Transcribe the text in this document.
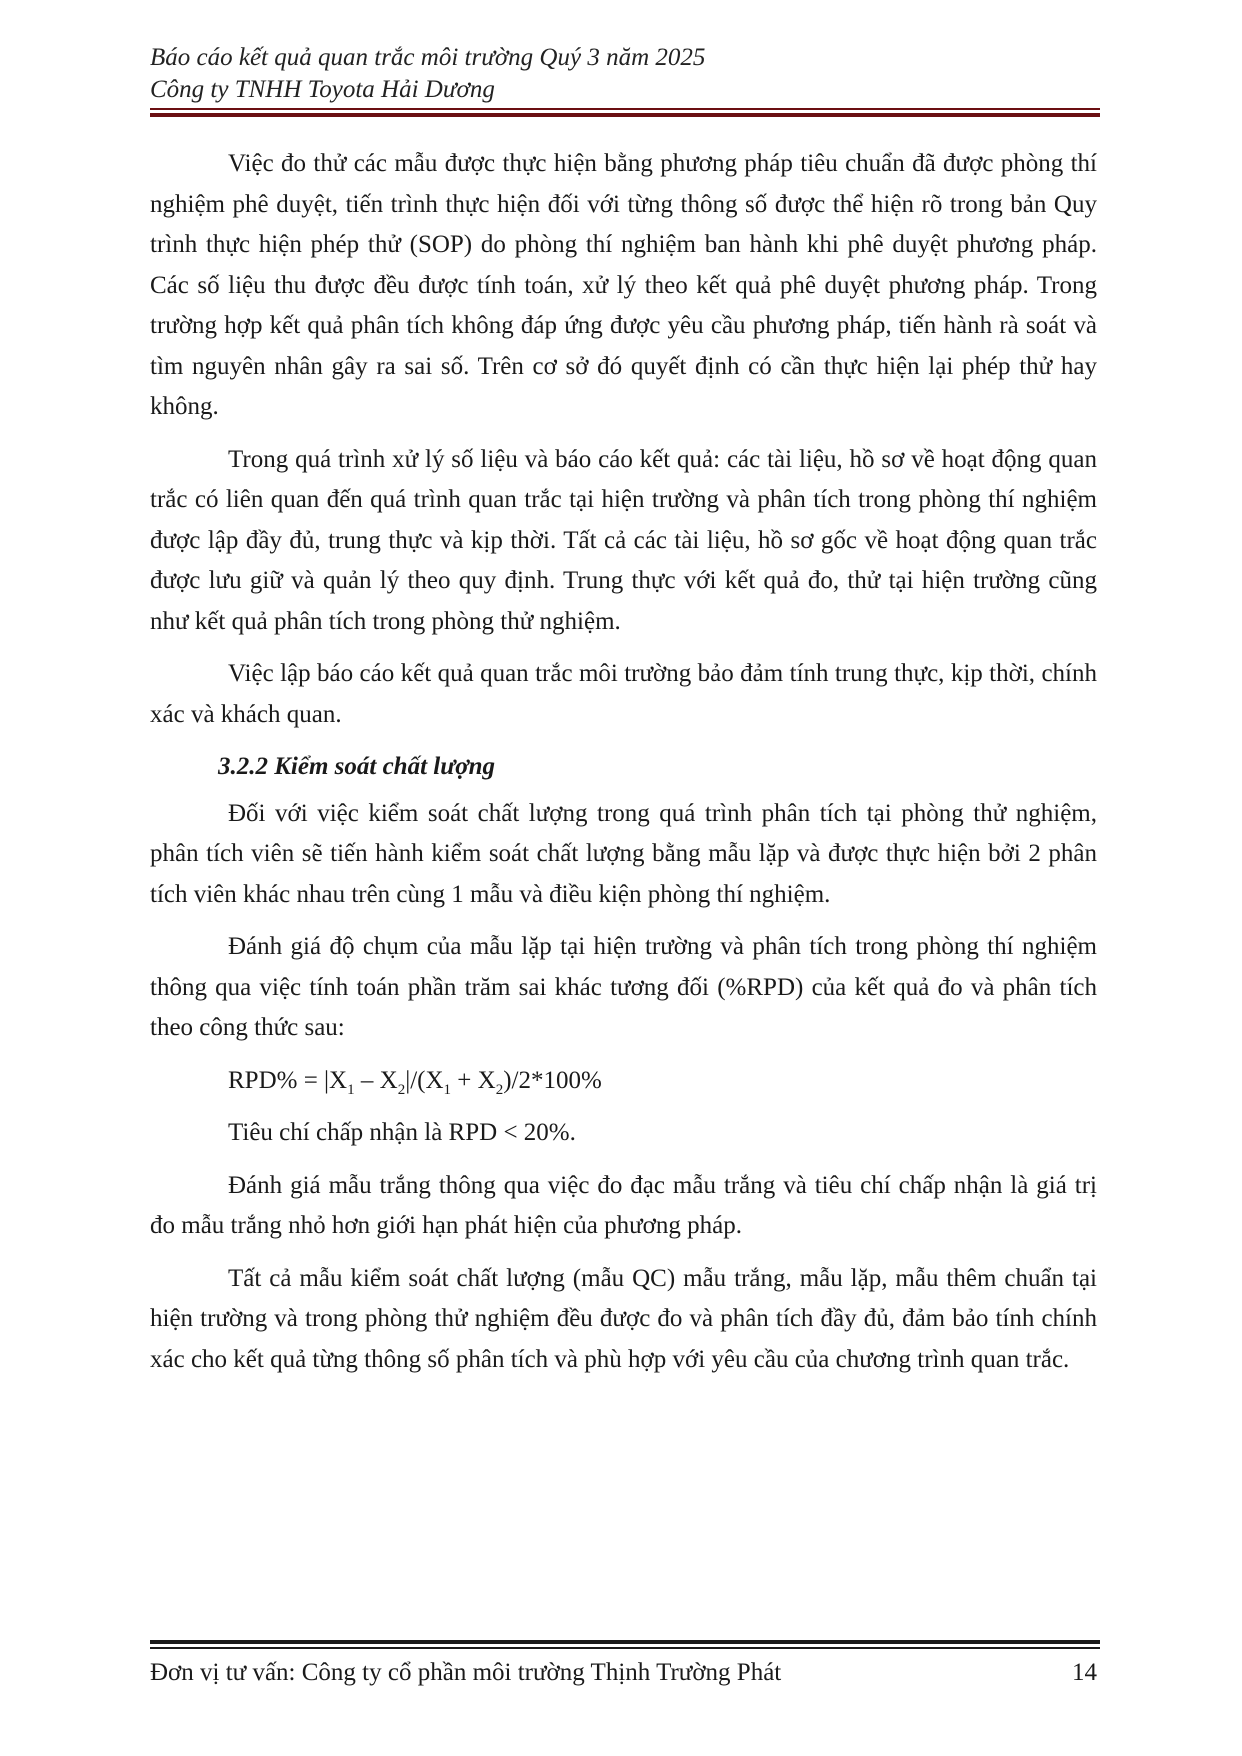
Báo cáo kết quả quan trắc môi trường Quý 3 năm 2025

Công ty TNHH Toyota Hải Dương

Việc đo thử các mẫu được thực hiện bằng phương pháp tiêu chuẩn đã được phòng thí nghiệm phê duyệt, tiến trình thực hiện đối với từng thông số được thể hiện rõ trong bản Quy trình thực hiện phép thử (SOP) do phòng thí nghiệm ban hành khi phê duyệt phương pháp. Các số liệu thu được đều được tính toán, xử lý theo kết quả phê duyệt phương pháp. Trong trường hợp kết quả phân tích không đáp ứng được yêu cầu phương pháp, tiến hành rà soát và tìm nguyên nhân gây ra sai số. Trên cơ sở đó quyết định có cần thực hiện lại phép thử hay không.

Trong quá trình xử lý số liệu và báo cáo kết quả: các tài liệu, hồ sơ về hoạt động quan trắc có liên quan đến quá trình quan trắc tại hiện trường và phân tích trong phòng thí nghiệm được lập đầy đủ, trung thực và kịp thời. Tất cả các tài liệu, hồ sơ gốc về hoạt động quan trắc được lưu giữ và quản lý theo quy định. Trung thực với kết quả đo, thử tại hiện trường cũng như kết quả phân tích trong phòng thử nghiệm.

Việc lập báo cáo kết quả quan trắc môi trường bảo đảm tính trung thực, kịp thời, chính xác và khách quan.

3.2.2 Kiểm soát chất lượng

Đối với việc kiểm soát chất lượng trong quá trình phân tích tại phòng thử nghiệm, phân tích viên sẽ tiến hành kiểm soát chất lượng bằng mẫu lặp và được thực hiện bởi 2 phân tích viên khác nhau trên cùng 1 mẫu và điều kiện phòng thí nghiệm.

Đánh giá độ chụm của mẫu lặp tại hiện trường và phân tích trong phòng thí nghiệm thông qua việc tính toán phần trăm sai khác tương đối (%RPD) của kết quả đo và phân tích theo công thức sau:

$RPD\% = |X_1 - X_2|/(X_1 + X_2)/2*100\%$

Tiêu chí chấp nhận là RPD < 20%.

Đánh giá mẫu trắng thông qua việc đo đạc mẫu trắng và tiêu chí chấp nhận là giá trị đo mẫu trắng nhỏ hơn giới hạn phát hiện của phương pháp.

Tất cả mẫu kiểm soát chất lượng (mẫu QC) mẫu trắng, mẫu lặp, mẫu thêm chuẩn tại hiện trường và trong phòng thử nghiệm đều được đo và phân tích đầy đủ, đảm bảo tính chính xác cho kết quả từng thông số phân tích và phù hợp với yêu cầu của chương trình quan trắc.

Đơn vị tư vấn: Công ty cổ phần môi trường Thịnh Trường Phát	14
